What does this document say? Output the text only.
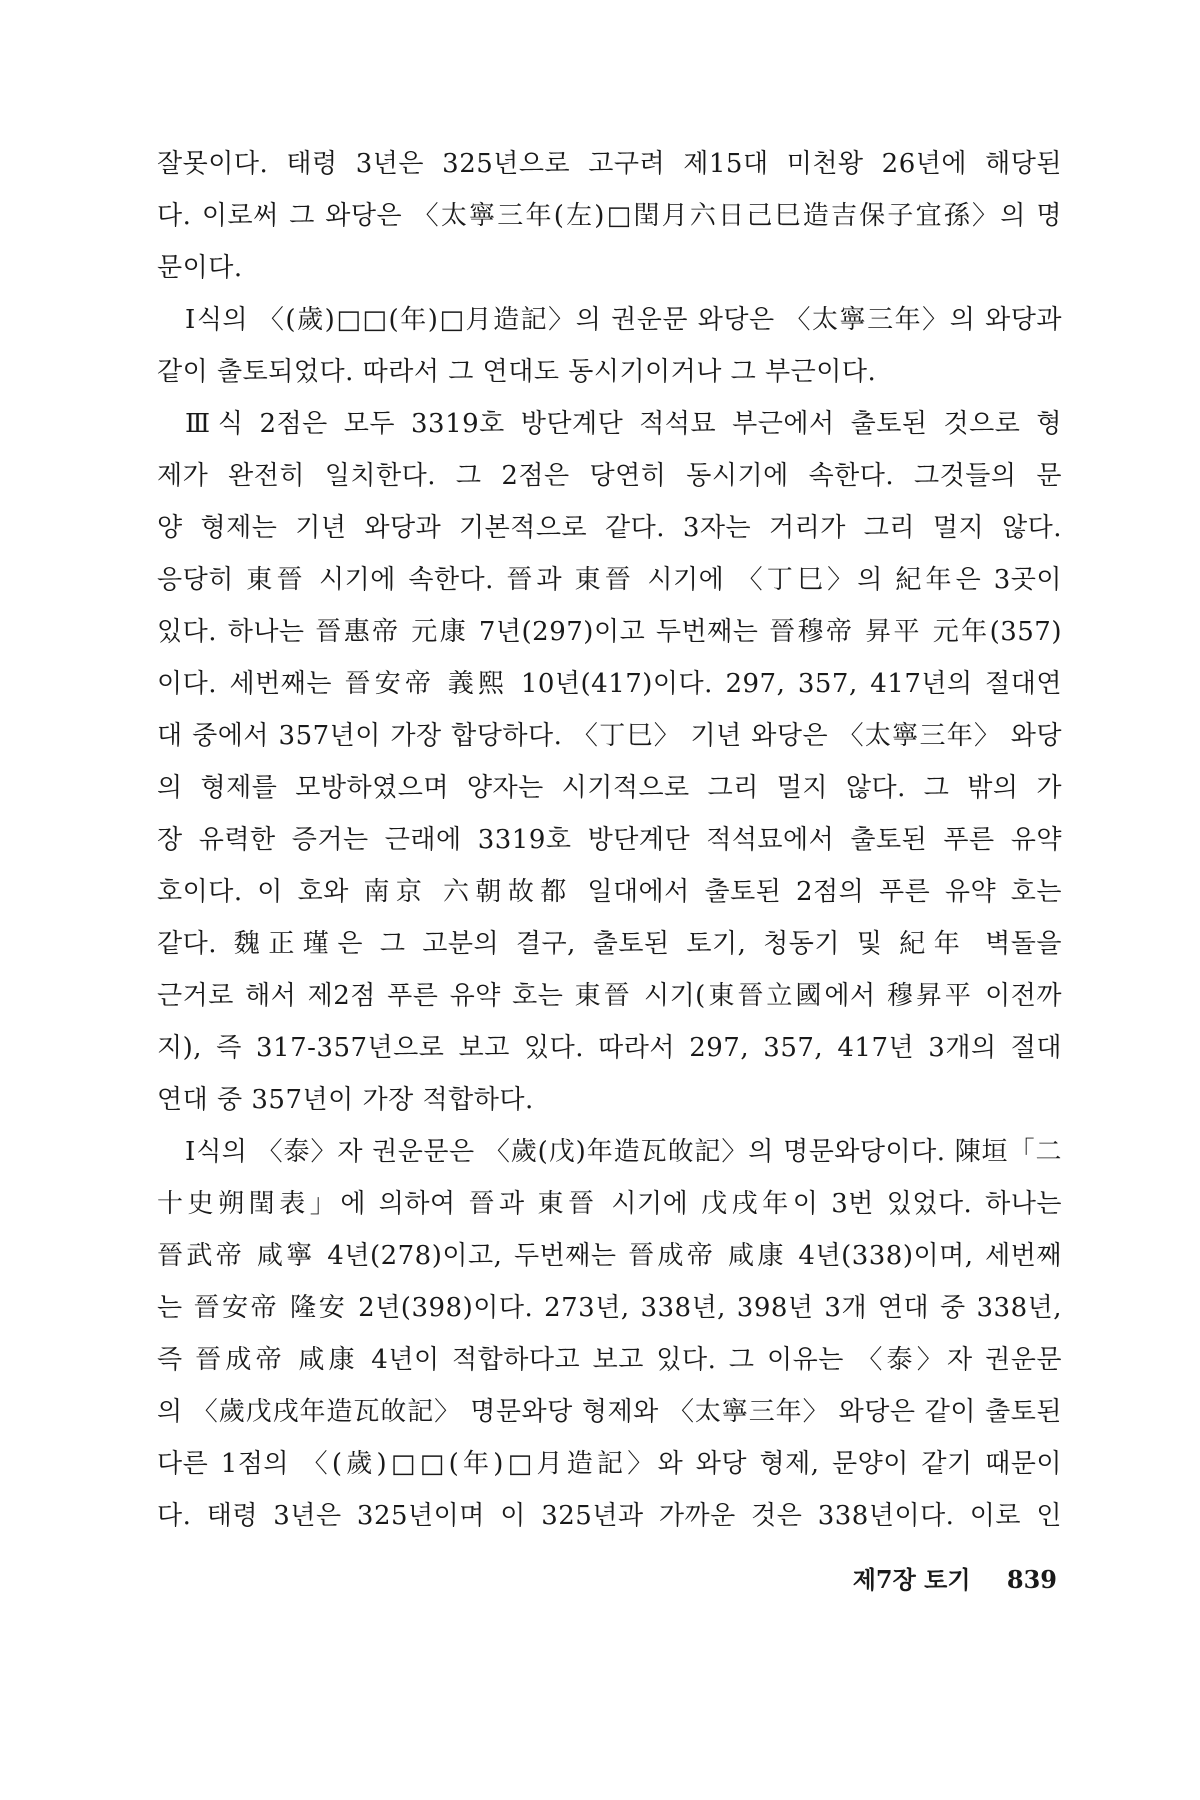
잘못이다. 태령 3년은 325년으로 고구려 제15대 미천왕 26년에 해당된
다. 이로써 그 와당은 〈太寧三年(左)□閏月六日己巳造吉保子宜孫〉의 명
문이다.
Ⅰ식의 〈(歲)□□(年)□月造記〉의 권운문 와당은 〈太寧三年〉의 와당과
같이 출토되었다. 따라서 그 연대도 동시기이거나 그 부근이다.
Ⅲ식 2점은 모두 3319호 방단계단 적석묘 부근에서 출토된 것으로 형
제가 완전히 일치한다. 그 2점은 당연히 동시기에 속한다. 그것들의 문
양 형제는 기년 와당과 기본적으로 같다. 3자는 거리가 그리 멀지 않다.
응당히 東晉 시기에 속한다. 晉과 東晉 시기에 〈丁巳〉의 紀年은 3곳이
있다. 하나는 晉惠帝 元康 7년(297)이고 두번째는 晉穆帝 昇平 元年(357)
이다. 세번째는 晉安帝 義熙 10년(417)이다. 297, 357, 417년의 절대연
대 중에서 357년이 가장 합당하다. 〈丁巳〉 기년 와당은 〈太寧三年〉 와당
의 형제를 모방하였으며 양자는 시기적으로 그리 멀지 않다. 그 밖의 가
장 유력한 증거는 근래에 3319호 방단계단 적석묘에서 출토된 푸른 유약
호이다. 이 호와 南京 六朝故都 일대에서 출토된 2점의 푸른 유약 호는
같다. 魏正瑾은 그 고분의 결구, 출토된 토기, 청동기 및 紀年 벽돌을
근거로 해서 제2점 푸른 유약 호는 東晉 시기(東晉立國에서 穆昇平 이전까
지), 즉 317-357년으로 보고 있다. 따라서 297, 357, 417년 3개의 절대
연대 중 357년이 가장 적합하다.
Ⅰ식의 〈泰〉자 권운문은 〈歲(戊)年造瓦敀記〉의 명문와당이다. 陳垣「二
十史朔閏表」에 의하여 晉과 東晉 시기에 戊戌年이 3번 있었다. 하나는
晉武帝 咸寧 4년(278)이고, 두번째는 晉成帝 咸康 4년(338)이며, 세번째
는 晉安帝 隆安 2년(398)이다. 273년, 338년, 398년 3개 연대 중 338년,
즉 晉成帝 咸康 4년이 적합하다고 보고 있다. 그 이유는 〈泰〉자 권운문
의 〈歲戊戌年造瓦敀記〉 명문와당 형제와 〈太寧三年〉 와당은 같이 출토된
다른 1점의 〈(歲)□□(年)□月造記〉와 와당 형제, 문양이 같기 때문이
다. 태령 3년은 325년이며 이 325년과 가까운 것은 338년이다. 이로 인
제7장 토기 839
